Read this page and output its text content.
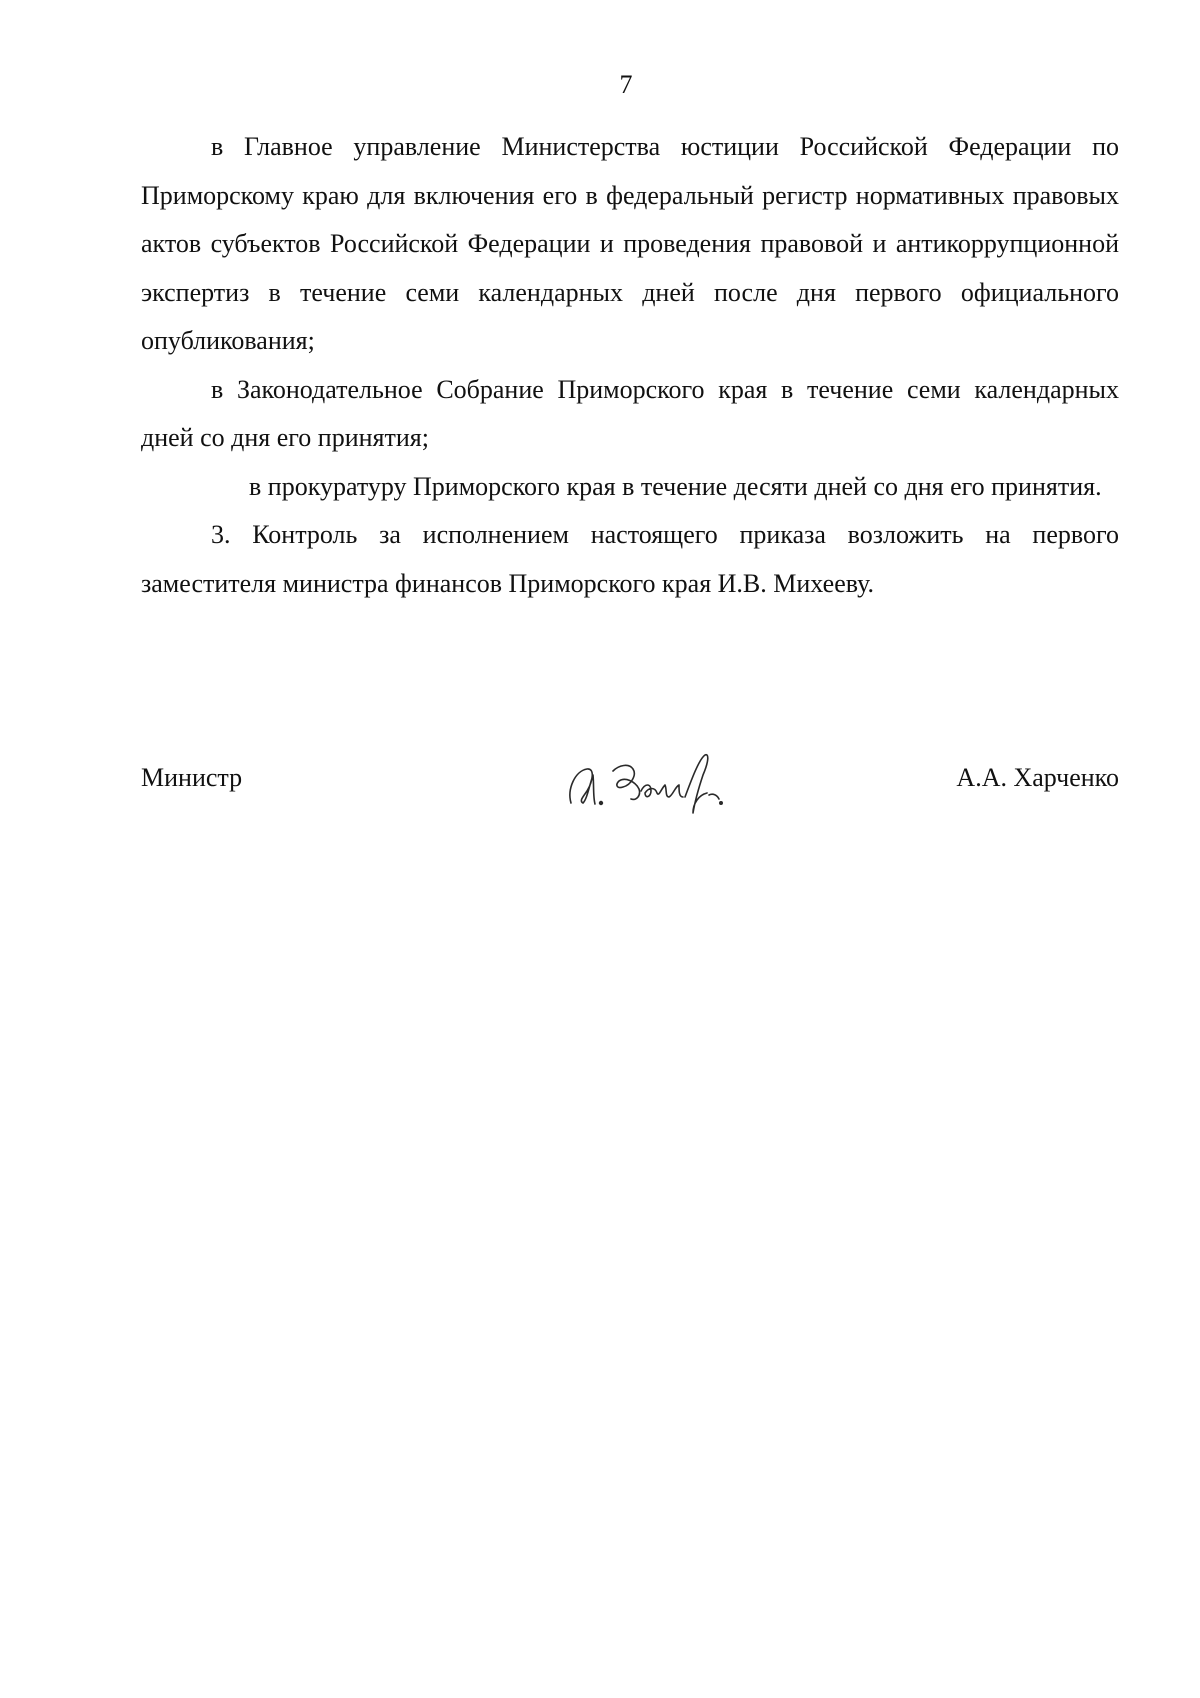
7

в Главное управление Министерства юстиции Российской Федерации по Приморскому краю для включения его в федеральный регистр нормативных правовых актов субъектов Российской Федерации и проведения правовой и антикоррупционной экспертиз в течение семи календарных дней после дня первого официального опубликования;

в Законодательное Собрание Приморского края в течение семи календарных дней со дня его принятия;

в прокуратуру Приморского края в течение десяти дней со дня его принятия.

3. Контроль за исполнением настоящего приказа возложить на первого заместителя министра финансов Приморского края И.В. Михееву.

Министр	А.А. Харченко
